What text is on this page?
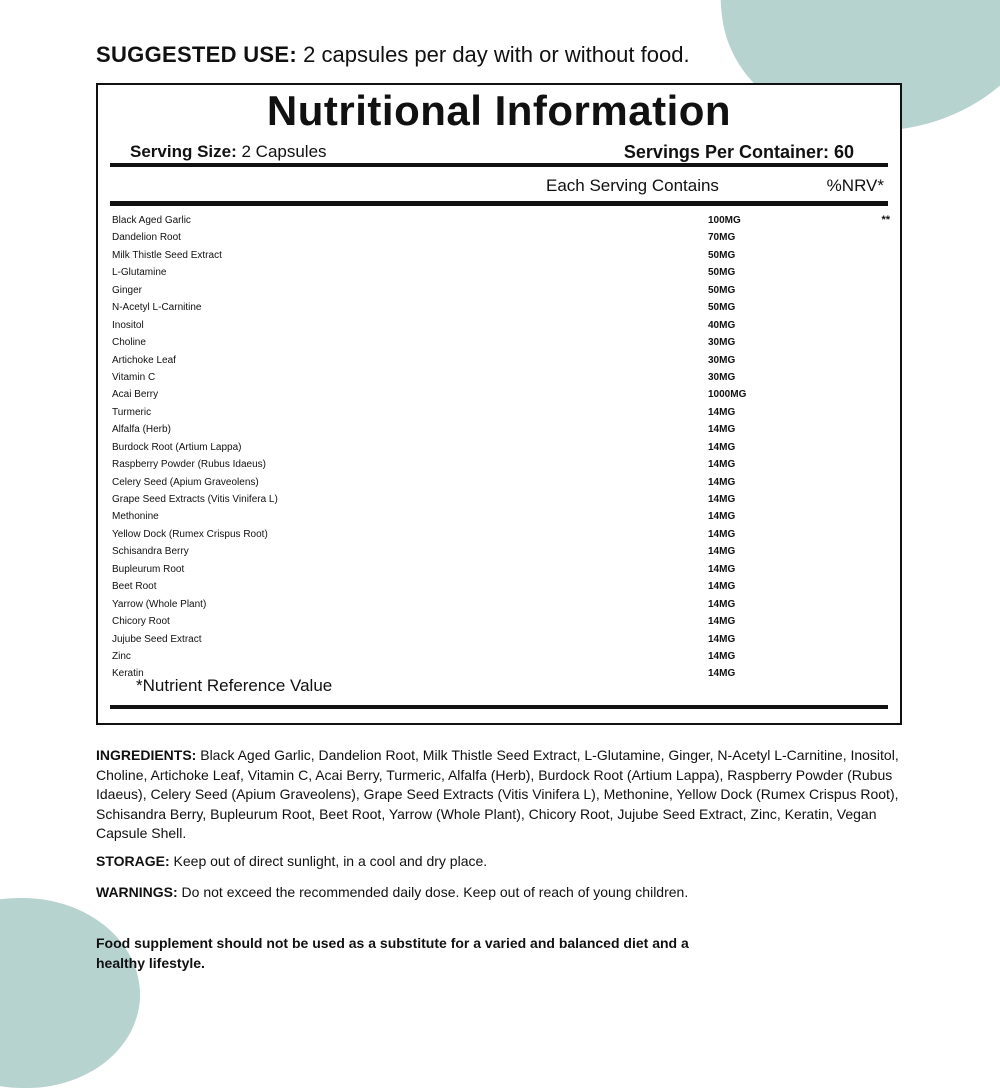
SUGGESTED USE: 2 capsules per day with or without food.
Nutritional Information
Serving Size: 2 Capsules	Servings Per Container: 60
Each Serving Contains	%NRV*
Black Aged Garlic	100MG	**
Dandelion Root	70MG
Milk Thistle Seed Extract	50MG
L-Glutamine	50MG
Ginger	50MG
N-Acetyl L-Carnitine	50MG
Inositol	40MG
Choline	30MG
Artichoke Leaf	30MG
Vitamin C	30MG
Acai Berry	1000MG
Turmeric	14MG
Alfalfa (Herb)	14MG
Burdock Root (Artium Lappa)	14MG
Raspberry Powder (Rubus Idaeus)	14MG
Celery Seed (Apium Graveolens)	14MG
Grape Seed Extracts (Vitis Vinifera L)	14MG
Methonine	14MG
Yellow Dock (Rumex Crispus Root)	14MG
Schisandra Berry	14MG
Bupleurum Root	14MG
Beet Root	14MG
Yarrow (Whole Plant)	14MG
Chicory Root	14MG
Jujube Seed Extract	14MG
Zinc	14MG
Keratin	14MG
*Nutrient Reference Value
INGREDIENTS: Black Aged Garlic, Dandelion Root, Milk Thistle Seed Extract, L-Glutamine, Ginger, N-Acetyl L-Carnitine, Inositol, Choline, Artichoke Leaf, Vitamin C, Acai Berry, Turmeric, Alfalfa (Herb), Burdock Root (Artium Lappa), Raspberry Powder (Rubus Idaeus), Celery Seed (Apium Graveolens), Grape Seed Extracts (Vitis Vinifera L), Methonine, Yellow Dock (Rumex Crispus Root), Schisandra Berry, Bupleurum Root, Beet Root, Yarrow (Whole Plant), Chicory Root, Jujube Seed Extract, Zinc, Keratin, Vegan Capsule Shell.
STORAGE: Keep out of direct sunlight, in a cool and dry place.
WARNINGS: Do not exceed the recommended daily dose. Keep out of reach of young children.
Food supplement should not be used as a substitute for a varied and balanced diet and a healthy lifestyle.
